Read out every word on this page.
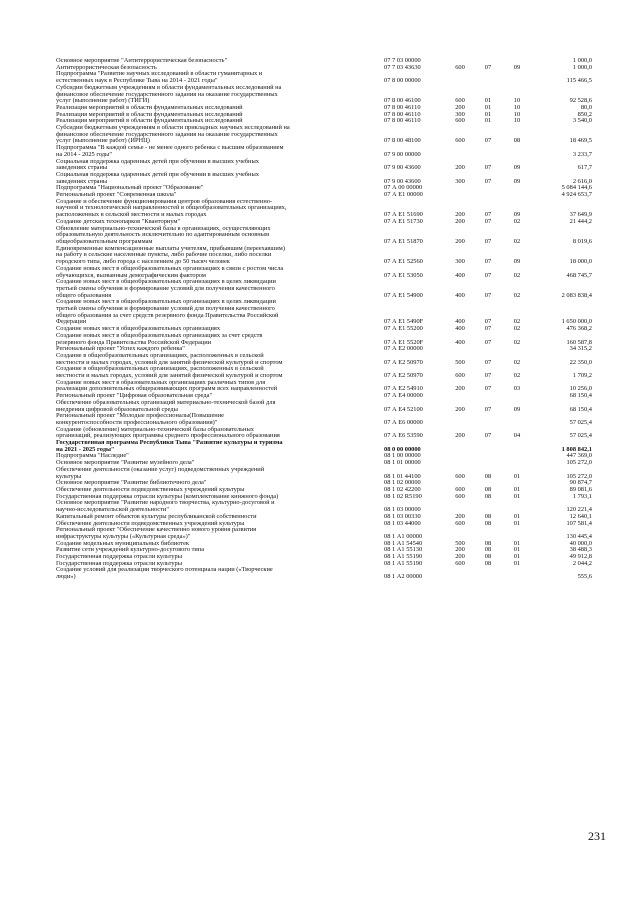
Основное мероприятие "Антитеррористическая безопасность"	07 7 03 00000				1 000,0
Антитеррористическая безопасность	07 7 03 43630	600	07	09	1 000,0
Подпрограмма "Развитие научных исследований в области гуманитарных и
естественных наук в Республике Тыва на 2014 - 2021 годы"	07 8 00 00000				115 466,5
Субсидии бюджетным учреждениям в области фундаментальных исследований на
финансовое обеспечение государственного задания на оказание государственных
услуг (выполнение работ) (ТИГИ)	07 8 00 46100	600	01	10	92 528,6
Реализация мероприятий в области фундаментальных исследований	07 8 00 46110	200	01	10	80,0
Реализация мероприятий в области фундаментальных исследований	07 8 00 46110	300	01	10	850,2
Реализация мероприятий в области фундаментальных исследований	07 8 00 46110	600	01	10	3 540,0
Субсидии бюджетным учреждениям в области прикладных научных исследований на
финансовое обеспечение государственного задания на оказание государственных
услуг (выполнение работ) (ИРНЦ)	07 8 00 48100	600	07	08	18 469,5
Подпрограмма "В каждой семье - не менее одного ребенка с высшим образованием
на 2014 - 2025 годы"	07 9 00 00000				3 233,7
Социальная поддержка одаренных детей при обучении в высших учебных
заведениях страны	07 9 00 43600	200	07	09	617,7
Социальная поддержка одаренных детей при обучении в высших учебных
заведениях страны	07 9 00 43600	300	07	09	2 616,0
Подпрограмма "Национальный проект "Образование"	07 А 00 00000				5 084 144,6
Региональный проект "Современная школа"	07 А Е1 00000				4 924 653,7
Создание и обеспечение функционирования центров образования естественно-
научной и технологической направленностей в общеобразовательных организациях,
расположенных в сельской местности и малых городах	07 А Е1 51690	200	07	09	37 649,9
Создание детских технопарков "Кванториум"	07 А Е1 51730	200	07	02	21 444,2
Обновление материально-технической базы в организациях, осуществляющих
образовательную деятельность исключительно по адаптированным основным
общеобразовательным программам	07 А Е1 51870	200	07	02	8 019,6
Единовременные компенсационные выплаты учителям, прибывшим (переехавшим)
на работу в сельские населенные пункты, либо рабочие поселки, либо поселки
городского типа, либо города с населением до 50 тысяч человек	07 А Е1 52560	300	07	09	18 000,0
Создание новых мест в общеобразовательных организациях в связи с ростом числа
обучающихся, вызванным демографическим фактором	07 А Е1 53050	400	07	02	468 745,7
Создание новых мест в общеобразовательных организациях в целях ликвидации
третьей смены обучения и формирование условий для получения качественного
общего образования	07 А Е1 54900	400	07	02	2 083 838,4
Создание новых мест в общеобразовательных организациях в целях ликвидации
третьей смены обучения и формирование условий для получения качественного
общего образования за счет средств резервного фонда Правительства Российской
Федерации	07 А Е1 5490F	400	07	02	1 650 000,0
Создание новых мест в общеобразовательных организациях	07 А Е1 55200	400	07	02	476 368,2
Создание новых мест в общеобразовательных организациях за счет средств
резервного фонда Правительства Российской Федерации	07 А Е1 5520F	400	07	02	160 587,8
Региональный проект "Успех каждого ребенка"	07 А Е2 00000				34 315,2
Создание в общеобразовательных организациях, расположенных в сельской
местности и малых городах, условий для занятий физической культурой и спортом	07 А Е2 50970	500	07	02	22 350,0
Создание в общеобразовательных организациях, расположенных в сельской
местности и малых городах, условий для занятий физической культурой и спортом	07 А Е2 50970	600	07	02	1 709,2
Создание новых мест в образовательных организациях различных типов для
реализации дополнительных общеразвивающих программ всех направленностей	07 А Е2 54910	200	07	03	10 256,0
Региональный проект "Цифровая образовательная среда"	07 А Е4 00000				68 150,4
Обеспечение образовательных организаций материально-технической базой для
внедрения цифровой образовательной среды	07 А Е4 52100	200	07	09	68 150,4
Региональный проект "Молодые профессионалы(Повышение
конкурентоспособности профессионального образования)"	07 А Е6 00000				57 025,4
Создание (обновление) материально-технической базы образовательных
организаций, реализующих программы среднего профессионального образования	07 А Е6 53590	200	07	04	57 025,4
Государственная программа Республики Тыва "Развитие культуры и туризма
на 2021 - 2025 годы"	08 0 00 00000				1 808 842,1
Подпрограмма "Наследие"	08 1 00 00000				447 369,0
Основное мероприятие "Развитие музейного дела"	08 1 01 00000				105 272,0
Обеспечение деятельности (оказание услуг) подведомственных учреждений
культуры	08 1 01 44100	600	08	01	105 272,0
Основное мероприятие "Развитие библиотечного дела"	08 1 02 00000				90 874,7
Обеспечение деятельности подведомственных учреждений культуры	08 1 02 42200	600	08	01	89 081,6
Государственная поддержка отрасли культуры (комплектование книжного фонда)	08 1 02 R5190	600	08	01	1 793,1
Основное мероприятие "Развитие народного творчества, культурно-досуговой и
научно-исследовательской деятельности"	08 1 03 00000				120 221,4
Капитальный ремонт объектов культуры республиканской собственности	08 1 03 00330	200	08	01	12 640,1
Обеспечение деятельности подведомственных учреждений культуры	08 1 03 44000	600	08	01	107 581,4
Региональный проект "Обеспечение качественно нового уровня развития
инфраструктуры культуры («Культурная среда»)"	08 1 А1 00000				130 445,4
Создание модельных муниципальных библиотек	08 1 А1 54540	500	08	01	40 000,0
Развитие сети учреждений культурно-досугового типа	08 1 А1 55130	200	08	01	38 488,3
Государственная поддержка отрасли культуры	08 1 А1 55190	200	08	01	49 912,8
Государственная поддержка отрасли культуры	08 1 А1 55190	600	08	01	2 044,2
Создание условий для реализации творческого потенциала нации («Творческие
люди»)	08 1 А2 00000				555,6
231
